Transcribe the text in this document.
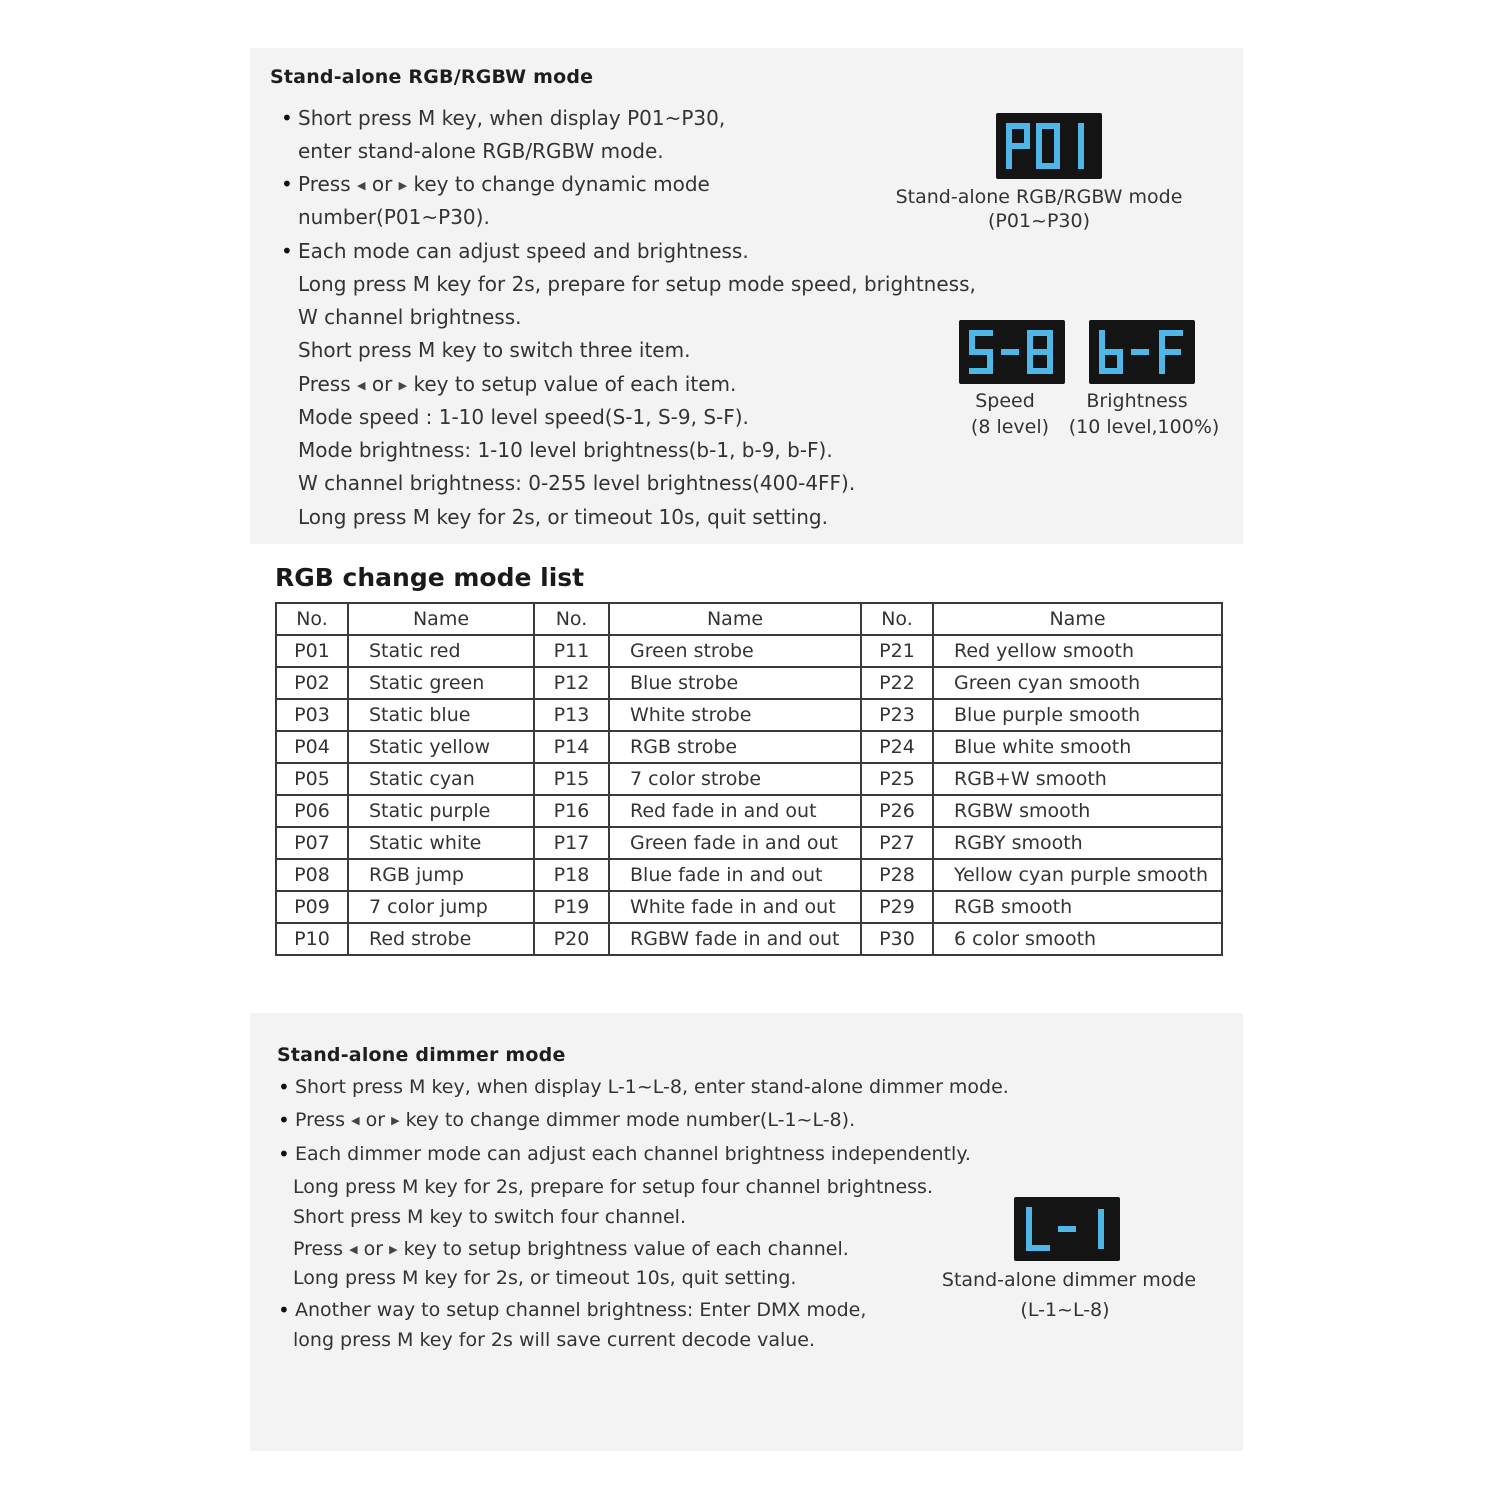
Stand-alone RGB/RGBW mode
• Short press M key, when display P01~P30,
enter stand-alone RGB/RGBW mode.
• Press ◀ or ▶ key to change dynamic mode
number(P01~P30).
• Each mode can adjust speed and brightness.
Long press M key for 2s, prepare for setup mode speed, brightness,
W channel brightness.
Short press M key to switch three item.
Press ◀ or ▶ key to setup value of each item.
Mode speed : 1-10 level speed(S-1, S-9, S-F).
Mode brightness: 1-10 level brightness(b-1, b-9, b-F).
W channel brightness: 0-255 level brightness(400-4FF).
Long press M key for 2s, or timeout 10s, quit setting.
Stand-alone RGB/RGBW mode
(P01~P30)
Speed
(8 level)
Brightness
(10 level,100%)
RGB change mode list
No.	Name	No.	Name	No.	Name
P01	Static red	P11	Green strobe	P21	Red yellow smooth
P02	Static green	P12	Blue strobe	P22	Green cyan smooth
P03	Static blue	P13	White strobe	P23	Blue purple smooth
P04	Static yellow	P14	RGB strobe	P24	Blue white smooth
P05	Static cyan	P15	7 color strobe	P25	RGB+W smooth
P06	Static purple	P16	Red fade in and out	P26	RGBW smooth
P07	Static white	P17	Green fade in and out	P27	RGBY smooth
P08	RGB jump	P18	Blue fade in and out	P28	Yellow cyan purple smooth
P09	7 color jump	P19	White fade in and out	P29	RGB smooth
P10	Red strobe	P20	RGBW fade in and out	P30	6 color smooth
Stand-alone dimmer mode
• Short press M key, when display L-1~L-8, enter stand-alone dimmer mode.
• Press ◀ or ▶ key to change dimmer mode number(L-1~L-8).
• Each dimmer mode can adjust each channel brightness independently.
Long press M key for 2s, prepare for setup four channel brightness.
Short press M key to switch four channel.
Press ◀ or ▶ key to setup brightness value of each channel.
Long press M key for 2s, or timeout 10s, quit setting.
• Another way to setup channel brightness: Enter DMX mode,
long press M key for 2s will save current decode value.
Stand-alone dimmer mode
(L-1~L-8)
